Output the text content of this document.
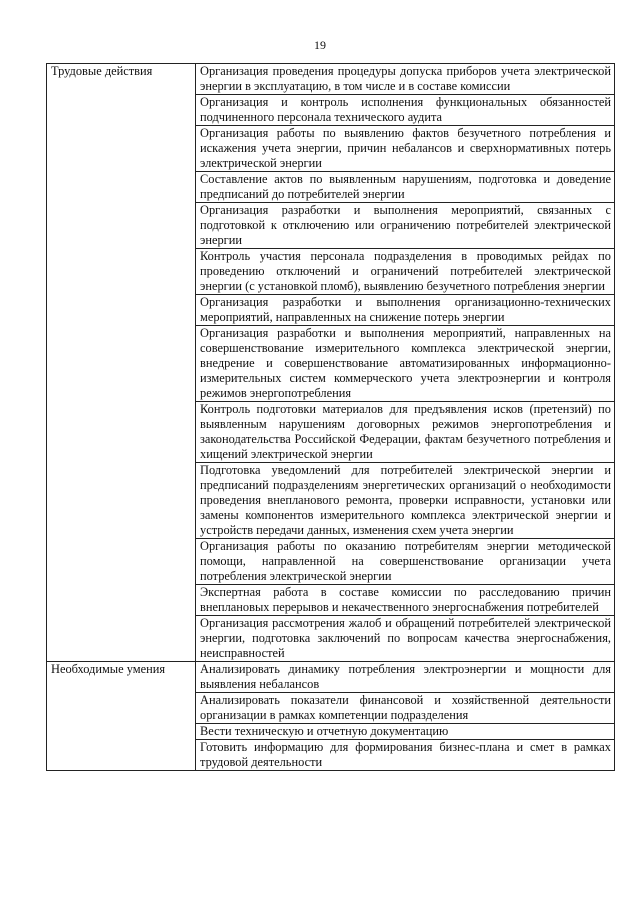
19
Трудовые действия	Организация проведения процедуры допуска приборов учета электрической энергии в эксплуатацию, в том числе и в составе комиссии
	Организация и контроль исполнения функциональных обязанностей подчиненного персонала технического аудита
	Организация работы по выявлению фактов безучетного потребления и искажения учета энергии, причин небалансов и сверхнормативных потерь электрической энергии
	Составление актов по выявленным нарушениям, подготовка и доведение предписаний до потребителей энергии
	Организация разработки и выполнения мероприятий, связанных с подготовкой к отключению или ограничению потребителей электрической энергии
	Контроль участия персонала подразделения в проводимых рейдах по проведению отключений и ограничений потребителей электрической энергии (с установкой пломб), выявлению безучетного потребления энергии
	Организация разработки и выполнения организационно-технических мероприятий, направленных на снижение потерь энергии
	Организация разработки и выполнения мероприятий, направленных на совершенствование измерительного комплекса электрической энергии, внедрение и совершенствование автоматизированных информационно-измерительных систем коммерческого учета электроэнергии и контроля режимов энергопотребления
	Контроль подготовки материалов для предъявления исков (претензий) по выявленным нарушениям договорных режимов энергопотребления и законодательства Российской Федерации, фактам безучетного потребления и хищений электрической энергии
	Подготовка уведомлений для потребителей электрической энергии и предписаний подразделениям энергетических организаций о необходимости проведения внепланового ремонта, проверки исправности, установки или замены компонентов измерительного комплекса электрической энергии и устройств передачи данных, изменения схем учета энергии
	Организация работы по оказанию потребителям энергии методической помощи, направленной на совершенствование организации учета потребления электрической энергии
	Экспертная работа в составе комиссии по расследованию причин внеплановых перерывов и некачественного энергоснабжения потребителей
	Организация рассмотрения жалоб и обращений потребителей электрической энергии, подготовка заключений по вопросам качества энергоснабжения, неисправностей
Необходимые умения	Анализировать динамику потребления электроэнергии и мощности для выявления небалансов
	Анализировать показатели финансовой и хозяйственной деятельности организации в рамках компетенции подразделения
	Вести техническую и отчетную документацию
	Готовить информацию для формирования бизнес-плана и смет в рамках трудовой деятельности
